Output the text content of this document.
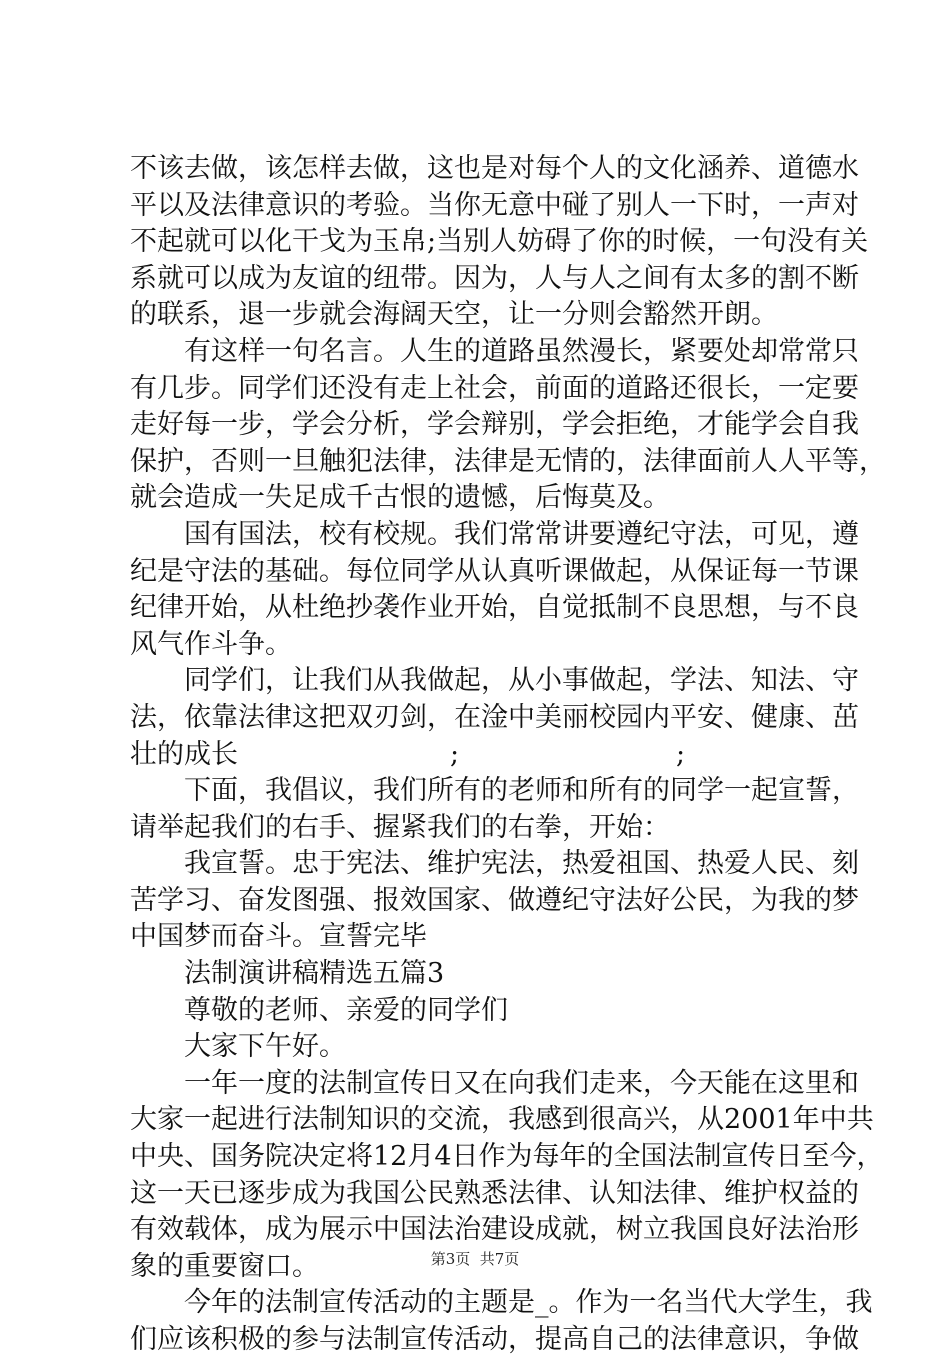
不该去做，该怎样去做，这也是对每个人的文化涵养、道德水
平以及法律意识的考验。当你无意中碰了别人一下时，一声对
不起就可以化干戈为玉帛;当别人妨碍了你的时候，一句没有关
系就可以成为友谊的纽带。因为，人与人之间有太多的割不断
的联系，退一步就会海阔天空，让一分则会豁然开朗。
有这样一句名言。人生的道路虽然漫长，紧要处却常常只
有几步。同学们还没有走上社会，前面的道路还很长，一定要
走好每一步，学会分析，学会辩别，学会拒绝，才能学会自我
保护，否则一旦触犯法律，法律是无情的，法律面前人人平等，
就会造成一失足成千古恨的遗憾，后悔莫及。
国有国法，校有校规。我们常常讲要遵纪守法，可见，遵
纪是守法的基础。每位同学从认真听课做起，从保证每一节课
纪律开始，从杜绝抄袭作业开始，自觉抵制不良思想，与不良
风气作斗争。
同学们，让我们从我做起，从小事做起，学法、知法、守
法，依靠法律这把双刃剑，在淦中美丽校园内平安、健康、茁
壮的成长	;	;
下面，我倡议，我们所有的老师和所有的同学一起宣誓，
请举起我们的右手、握紧我们的右拳，开始：
我宣誓。忠于宪法、维护宪法，热爱祖国、热爱人民、刻
苦学习、奋发图强、报效国家、做遵纪守法好公民，为我的梦
中国梦而奋斗。宣誓完毕
法制演讲稿精选五篇3
尊敬的老师、亲爱的同学们
大家下午好。
一年一度的法制宣传日又在向我们走来，今天能在这里和
大家一起进行法制知识的交流，我感到很高兴，从2001年中共
中央、国务院决定将12月4日作为每年的全国法制宣传日至今，
这一天已逐步成为我国公民熟悉法律、认知法律、维护权益的
有效载体，成为展示中国法治建设成就，树立我国良好法治形
象的重要窗口。
今年的法制宣传活动的主题是_。作为一名当代大学生，我
们应该积极的参与法制宣传活动，提高自己的法律意识，争做
第3页  共7页
